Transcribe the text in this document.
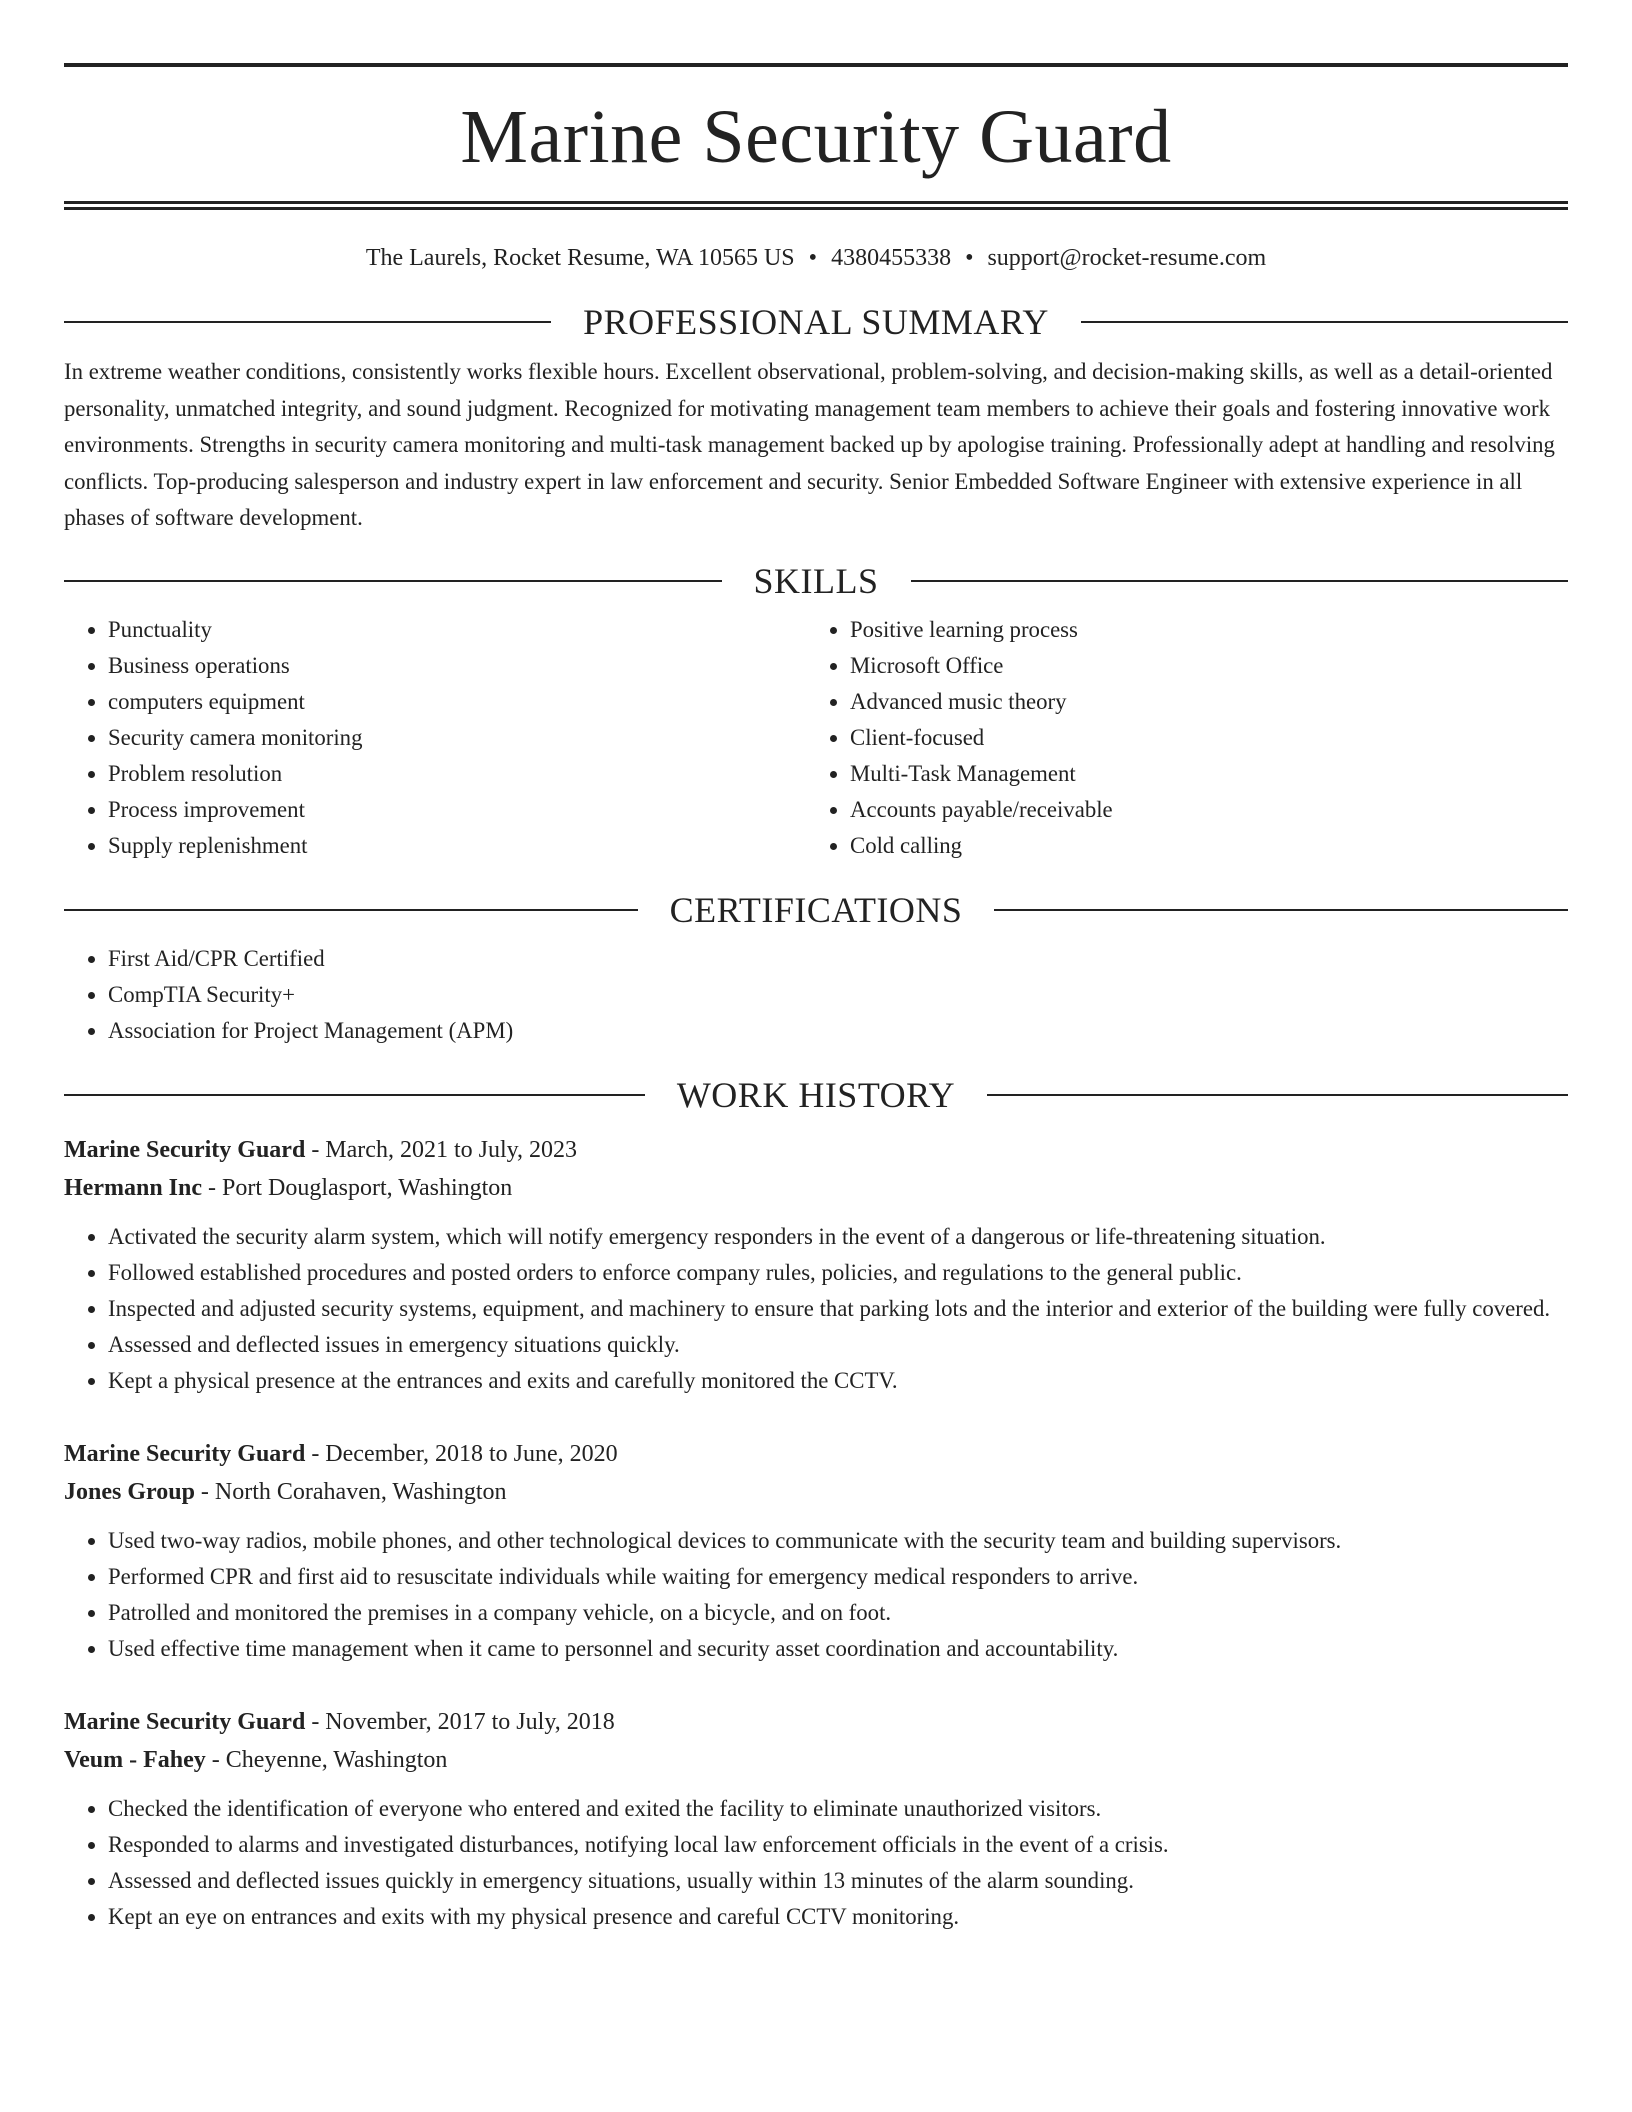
Marine Security Guard
The Laurels, Rocket Resume, WA 10565 US • 4380455338 • support@rocket-resume.com
PROFESSIONAL SUMMARY

In extreme weather conditions, consistently works flexible hours. Excellent observational, problem-solving, and decision-making skills, as well as a detail-oriented personality, unmatched integrity, and sound judgment. Recognized for motivating management team members to achieve their goals and fostering innovative work environments. Strengths in security camera monitoring and multi-task management backed up by apologise training. Professionally adept at handling and resolving conflicts. Top-producing salesperson and industry expert in law enforcement and security. Senior Embedded Software Engineer with extensive experience in all phases of software development.

SKILLS
• Punctuality
• Business operations
• computers equipment
• Security camera monitoring
• Problem resolution
• Process improvement
• Supply replenishment
• Positive learning process
• Microsoft Office
• Advanced music theory
• Client-focused
• Multi-Task Management
• Accounts payable/receivable
• Cold calling
CERTIFICATIONS
• First Aid/CPR Certified
• CompTIA Security+
• Association for Project Management (APM)
WORK HISTORY
Marine Security Guard - March, 2021 to July, 2023
Hermann Inc - Port Douglasport, Washington
• Activated the security alarm system, which will notify emergency responders in the event of a dangerous or life-threatening situation.
• Followed established procedures and posted orders to enforce company rules, policies, and regulations to the general public.
• Inspected and adjusted security systems, equipment, and machinery to ensure that parking lots and the interior and exterior of the building were fully covered.
• Assessed and deflected issues in emergency situations quickly.
• Kept a physical presence at the entrances and exits and carefully monitored the CCTV.
Marine Security Guard - December, 2018 to June, 2020
Jones Group - North Corahaven, Washington
• Used two-way radios, mobile phones, and other technological devices to communicate with the security team and building supervisors.
• Performed CPR and first aid to resuscitate individuals while waiting for emergency medical responders to arrive.
• Patrolled and monitored the premises in a company vehicle, on a bicycle, and on foot.
• Used effective time management when it came to personnel and security asset coordination and accountability.
Marine Security Guard - November, 2017 to July, 2018
Veum - Fahey - Cheyenne, Washington
• Checked the identification of everyone who entered and exited the facility to eliminate unauthorized visitors.
• Responded to alarms and investigated disturbances, notifying local law enforcement officials in the event of a crisis.
• Assessed and deflected issues quickly in emergency situations, usually within 13 minutes of the alarm sounding.
• Kept an eye on entrances and exits with my physical presence and careful CCTV monitoring.
